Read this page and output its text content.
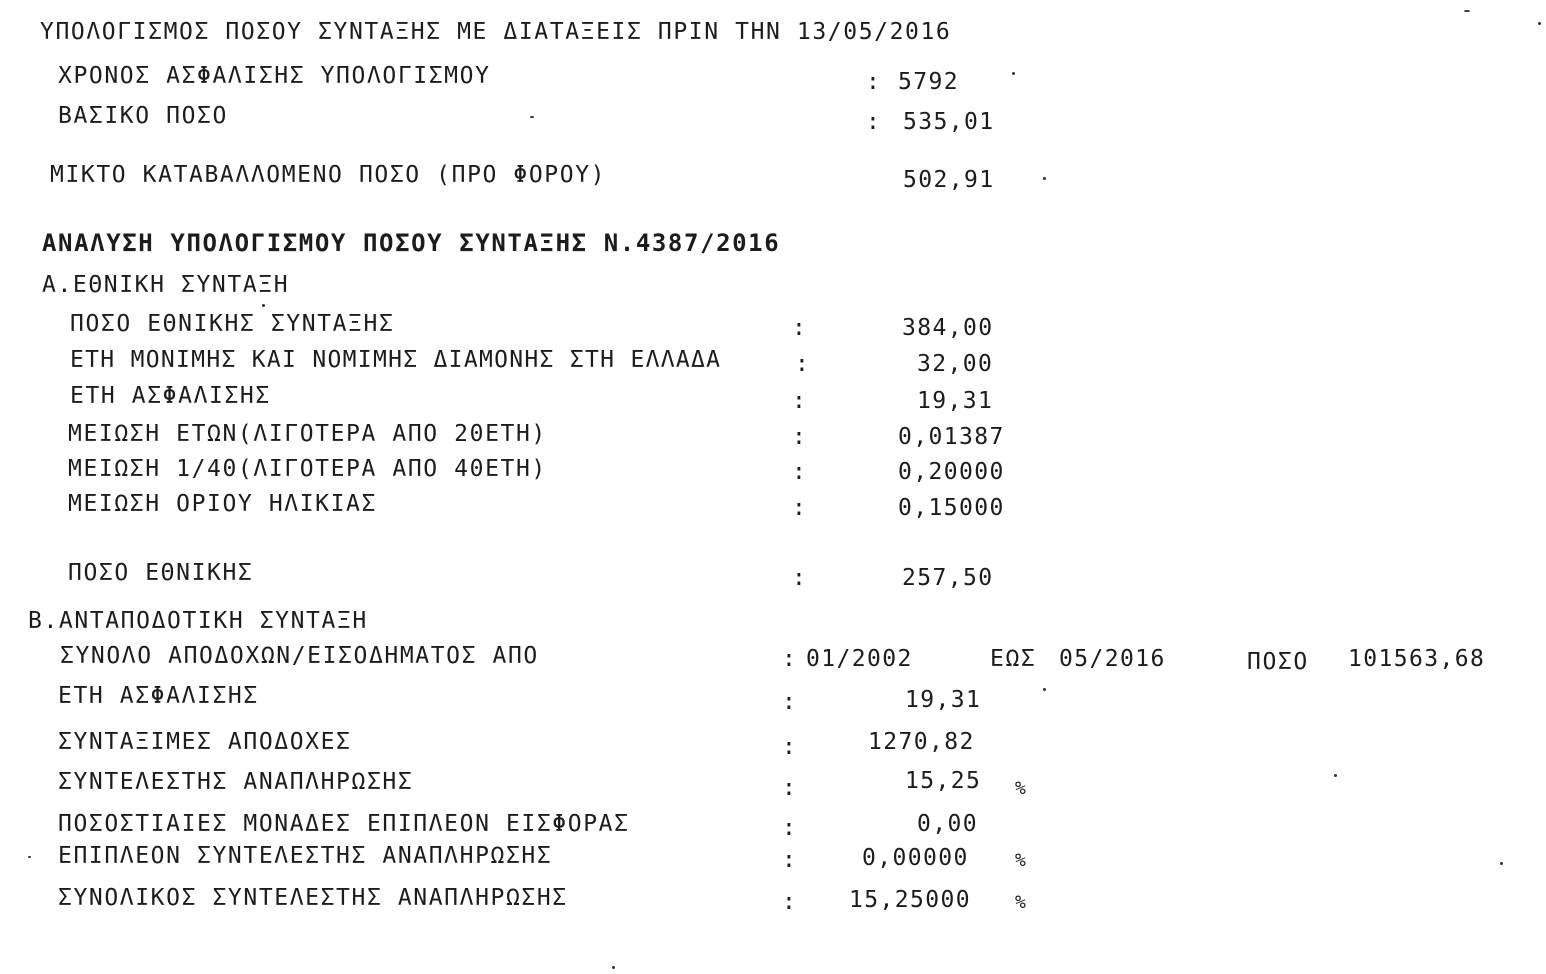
ΥΠΟΛΟΓΙΣΜΟΣ ΠΟΣΟΥ ΣΥΝΤΑΞΗΣ ΜΕ ΔΙΑΤΑΞΕΙΣ ΠΡΙΝ ΤΗΝ 13/05/2016
ΧΡΟΝΟΣ ΑΣΦΑΛΙΣΗΣ ΥΠΟΛΟΓΙΣΜΟΥ	: 5792
ΒΑΣΙΚΟ ΠΟΣΟ	: 535,01
ΜΙΚΤΟ ΚΑΤΑΒΑΛΛΟΜΕΝΟ ΠΟΣΟ (ΠΡΟ ΦΟΡΟΥ)	502,91
ΑΝΑΛΥΣΗ ΥΠΟΛΟΓΙΣΜΟΥ ΠΟΣΟΥ ΣΥΝΤΑΞΗΣ Ν.4387/2016
Α.ΕΘΝΙΚΗ ΣΥΝΤΑΞΗ
ΠΟΣΟ ΕΘΝΙΚΗΣ ΣΥΝΤΑΞΗΣ	:	384,00
ΕΤΗ ΜΟΝΙΜΗΣ ΚΑΙ ΝΟΜΙΜΗΣ ΔΙΑΜΟΝΗΣ ΣΤΗ ΕΛΛΑΔΑ	:	32,00
ΕΤΗ ΑΣΦΑΛΙΣΗΣ	:	19,31
ΜΕΙΩΣΗ ΕΤΩΝ(ΛΙΓΟΤΕΡΑ ΑΠΟ 20ΕΤΗ)	:	0,01387
ΜΕΙΩΣΗ 1/40(ΛΙΓΟΤΕΡΑ ΑΠΟ 40ΕΤΗ)	:	0,20000
ΜΕΙΩΣΗ ΟΡΙΟΥ ΗΛΙΚΙΑΣ	:	0,15000
ΠΟΣΟ ΕΘΝΙΚΗΣ	:	257,50
Β.ΑΝΤΑΠΟΔΟΤΙΚΗ ΣΥΝΤΑΞΗ
ΣΥΝΟΛΟ ΑΠΟΔΟΧΩΝ/ΕΙΣΟΔΗΜΑΤΟΣ ΑΠΟ	: 01/2002	ΕΩΣ 05/2016	ΠΟΣΟ 101563,68
ΕΤΗ ΑΣΦΑΛΙΣΗΣ	:	19,31
ΣΥΝΤΑΞΙΜΕΣ ΑΠΟΔΟΧΕΣ	:	1270,82
ΣΥΝΤΕΛΕΣΤΗΣ ΑΝΑΠΛΗΡΩΣΗΣ	:	15,25 %
ΠΟΣΟΣΤΙΑΙΕΣ ΜΟΝΑΔΕΣ ΕΠΙΠΛΕΟΝ ΕΙΣΦΟΡΑΣ	:	0,00
ΕΠΙΠΛΕΟΝ ΣΥΝΤΕΛΕΣΤΗΣ ΑΝΑΠΛΗΡΩΣΗΣ	:	0,00000	%
ΣΥΝΟΛΙΚΟΣ ΣΥΝΤΕΛΕΣΤΗΣ ΑΝΑΠΛΗΡΩΣΗΣ	: 15,25000 %
